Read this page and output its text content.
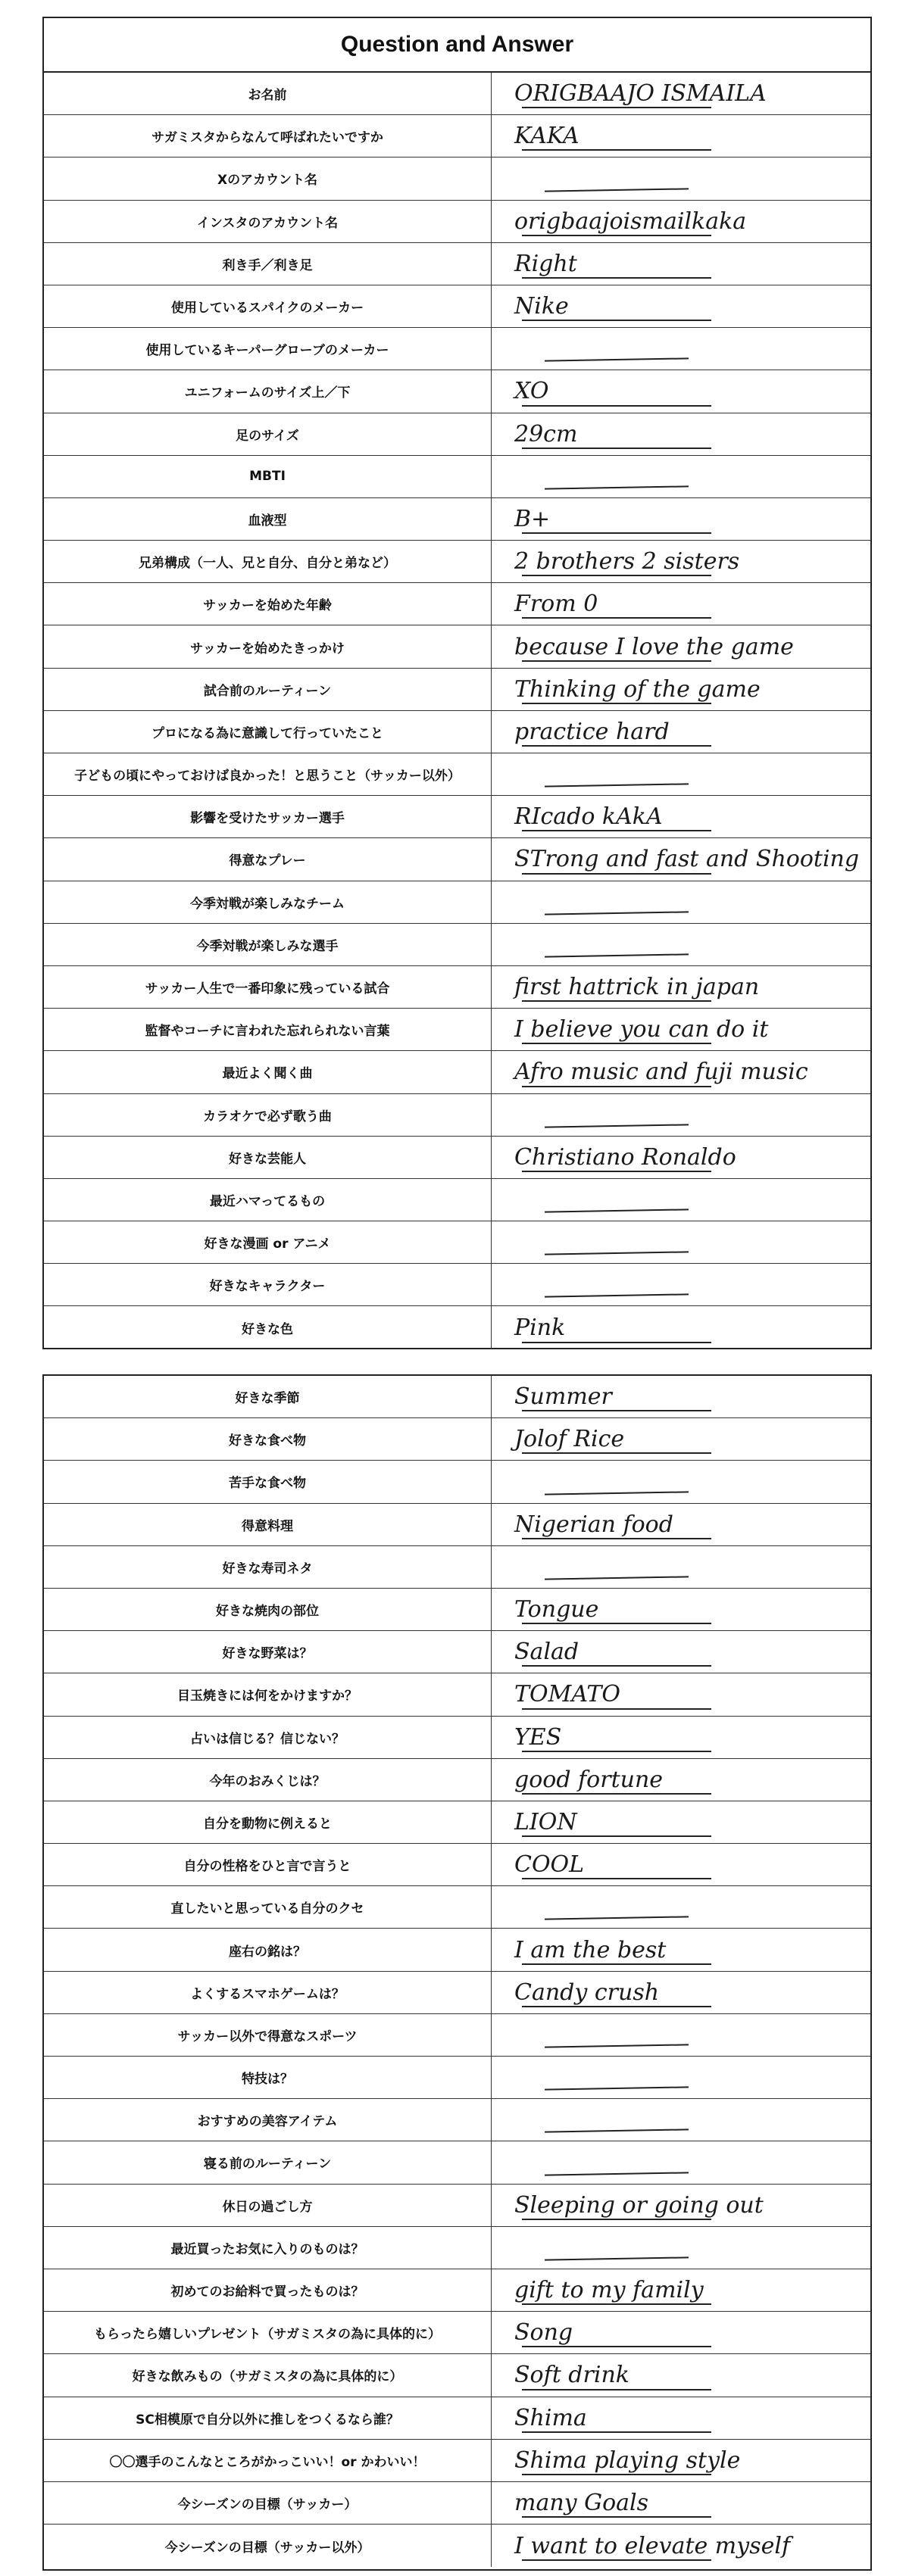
Question and Answer
お名前	ORIGBAAJO ISMAILA
サガミスタからなんて呼ばれたいですか	KAKA
Xのアカウント名
インスタのアカウント名	origbaajoismailkaka
利き手／利き足	Right
使用しているスパイクのメーカー	Nike
使用しているキーパーグローブのメーカー
ユニフォームのサイズ上／下	XO
足のサイズ	29cm
MBTI
血液型	B+
兄弟構成（一人、兄と自分、自分と弟など）	2 brothers 2 sisters
サッカーを始めた年齢	From 0
サッカーを始めたきっかけ	because I love the game
試合前のルーティーン	Thinking of the game
プロになる為に意識して行っていたこと	practice hard
子どもの頃にやっておけば良かった！と思うこと（サッカー以外）
影響を受けたサッカー選手	RIcado kAkA
得意なプレー	STrong and fast and Shooting
今季対戦が楽しみなチーム
今季対戦が楽しみな選手
サッカー人生で一番印象に残っている試合	first hattrick in japan
監督やコーチに言われた忘れられない言葉	I believe you can do it
最近よく聞く曲	Afro music and fuji music
カラオケで必ず歌う曲
好きな芸能人	Christiano Ronaldo
最近ハマってるもの
好きな漫画 or アニメ
好きなキャラクター
好きな色	Pink
好きな季節	Summer
好きな食べ物	Jolof Rice
苦手な食べ物
得意料理	Nigerian food
好きな寿司ネタ
好きな焼肉の部位	Tongue
好きな野菜は？	Salad
目玉焼きには何をかけますか？	TOMATO
占いは信じる？信じない？	YES
今年のおみくじは？	good fortune
自分を動物に例えると	LION
自分の性格をひと言で言うと	COOL
直したいと思っている自分のクセ
座右の銘は？	I am the best
よくするスマホゲームは？	Candy crush
サッカー以外で得意なスポーツ
特技は？
おすすめの美容アイテム
寝る前のルーティーン
休日の過ごし方	Sleeping or going out
最近買ったお気に入りのものは？
初めてのお給料で買ったものは？	gift to my family
もらったら嬉しいプレゼント（サガミスタの為に具体的に）	Song
好きな飲みもの（サガミスタの為に具体的に）	Soft drink
SC相模原で自分以外に推しをつくるなら誰？	Shima
〇〇選手のこんなところがかっこいい！or かわいい！	Shima playing style
今シーズンの目標（サッカー）	many Goals
今シーズンの目標（サッカー以外）	I want to elevate myself
